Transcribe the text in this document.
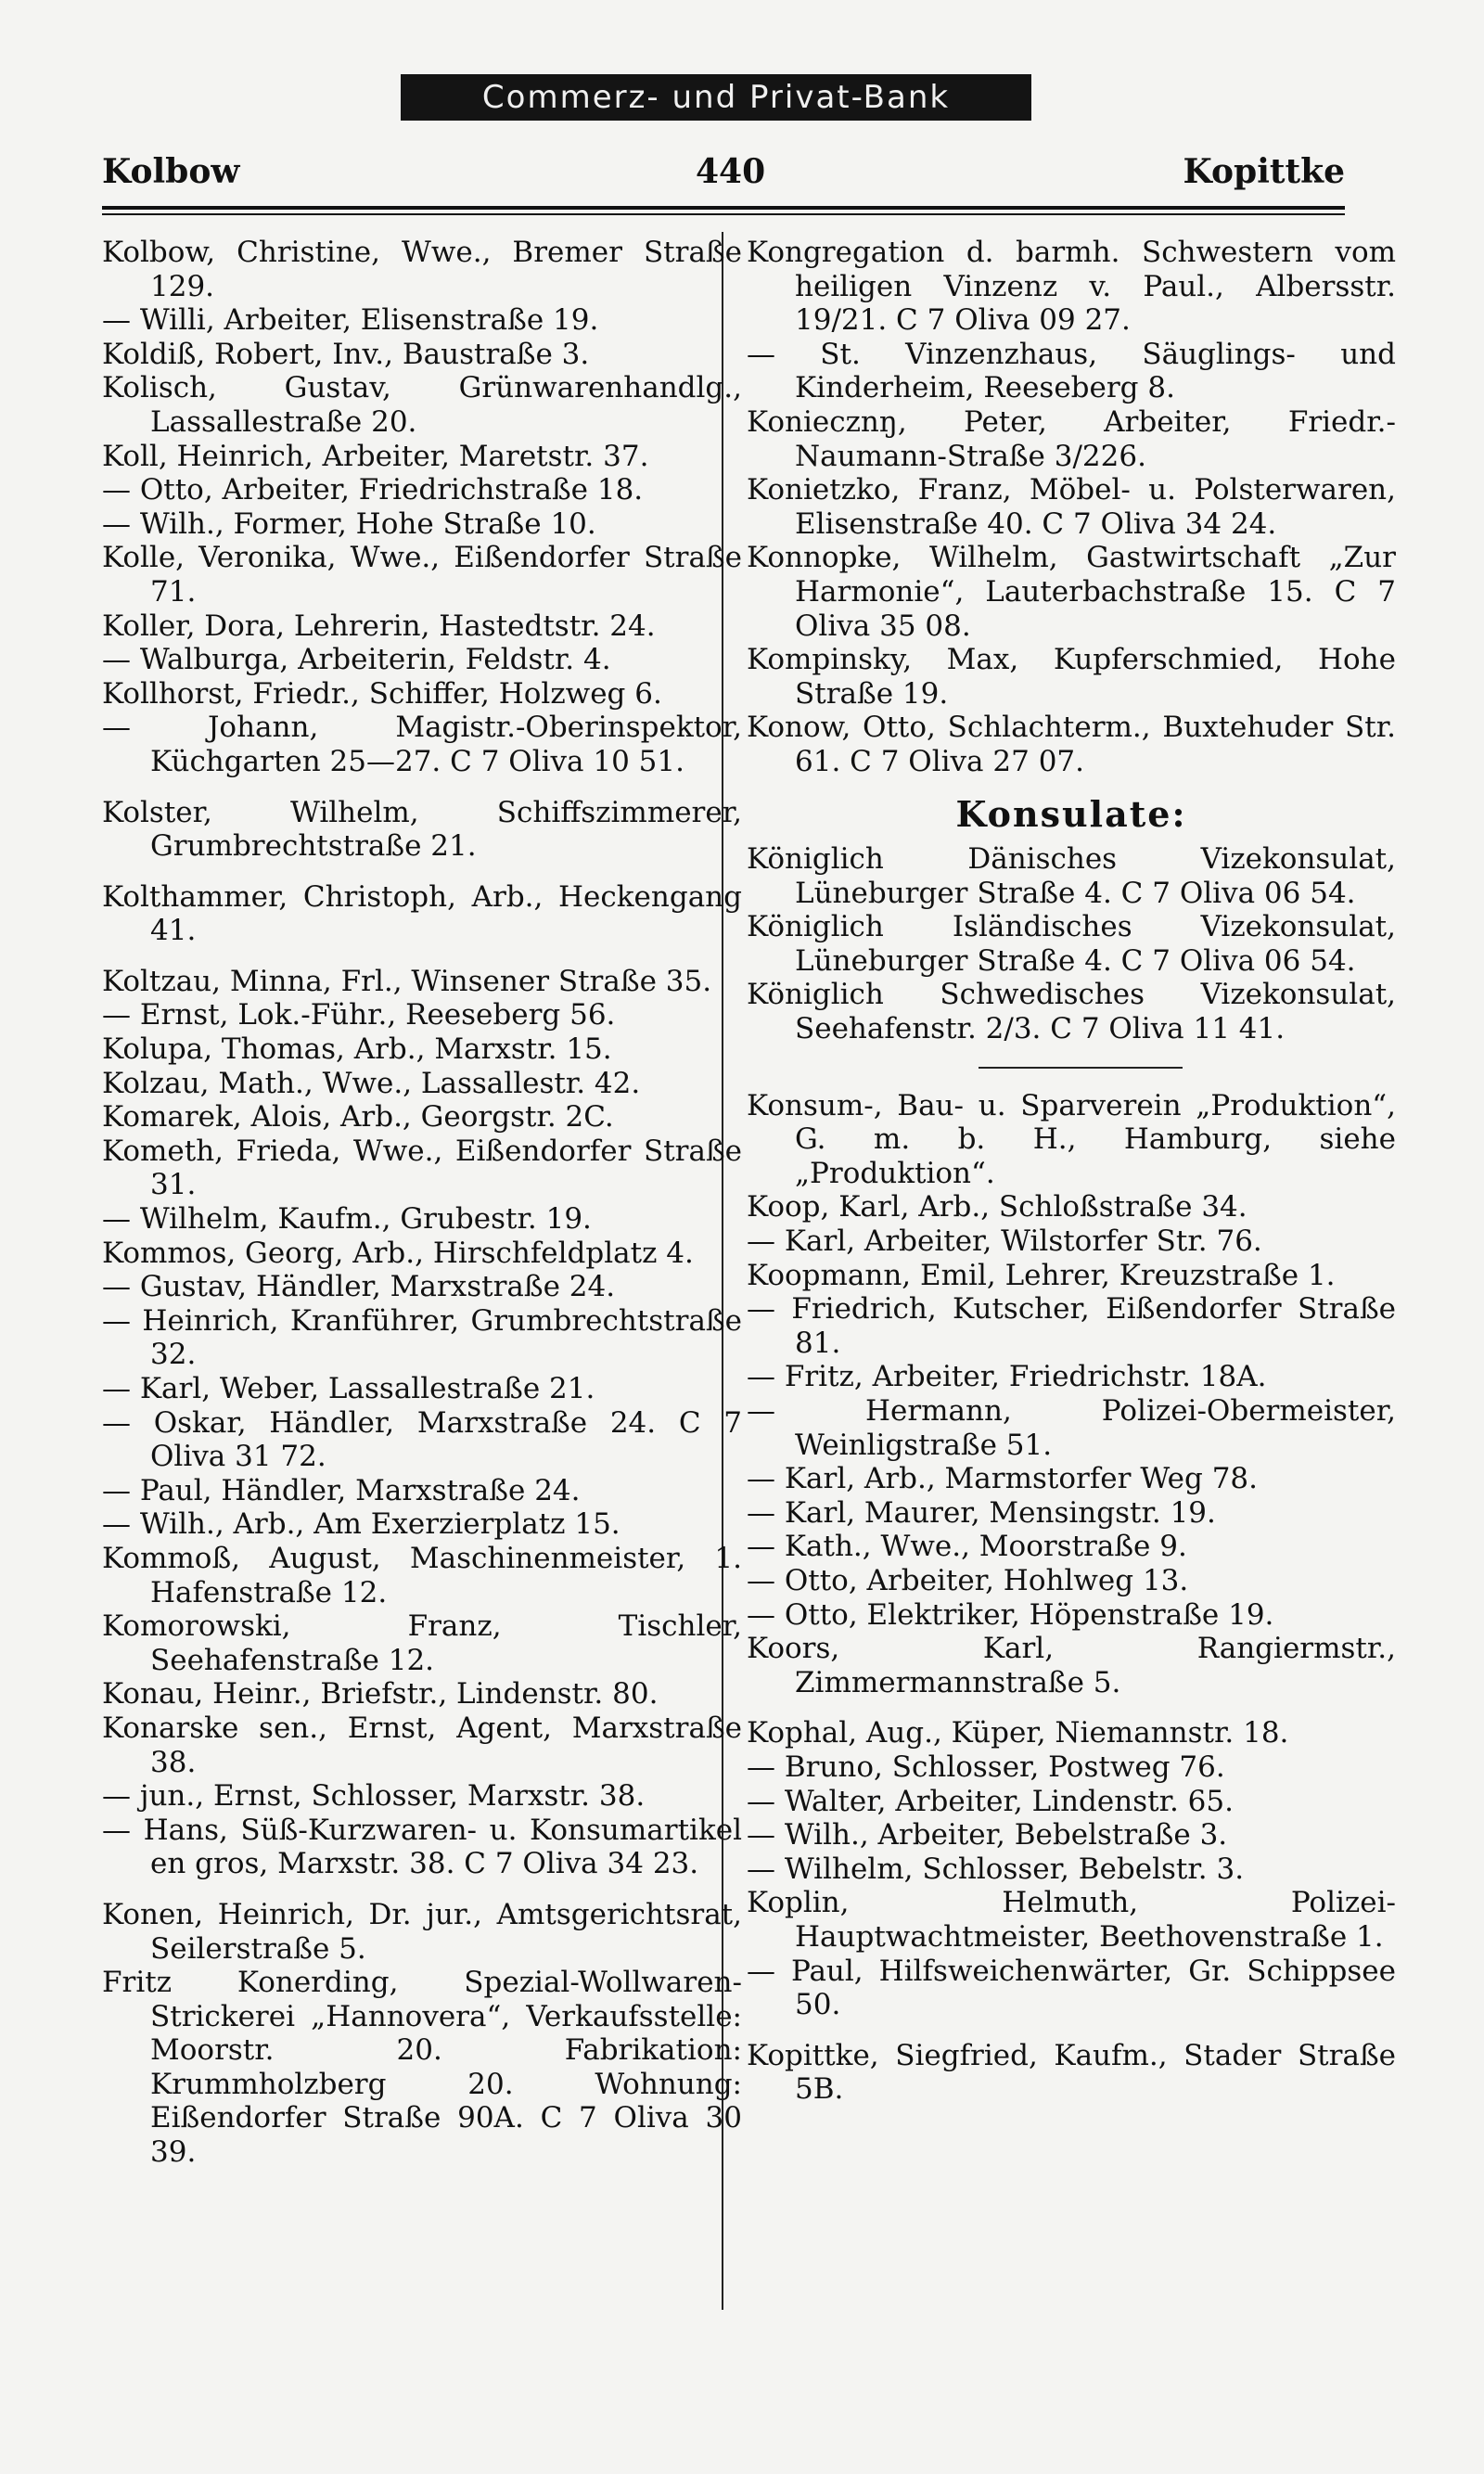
Commerz- und Privat-Bank
Kolbow	440	Kopittke

Kolbow, Christine, Wwe., Bremer Straße 129.

— Willi, Arbeiter, Elisenstraße 19.

Koldiß, Robert, Inv., Baustraße 3.

Kolisch, Gustav, Grünwarenhandlg., Lassallestraße 20.

Koll, Heinrich, Arbeiter, Maretstr. 37.

— Otto, Arbeiter, Friedrichstraße 18.

— Wilh., Former, Hohe Straße 10.

Kolle, Veronika, Wwe., Eißendorfer Straße 71.

Koller, Dora, Lehrerin, Hastedtstr. 24.

— Walburga, Arbeiterin, Feldstr. 4.

Kollhorst, Friedr., Schiffer, Holzweg 6.

— Johann, Magistr.-Oberinspektor, Küchgarten 25—27. C 7 Oliva 10 51.

Kolster, Wilhelm, Schiffszimmerer, Grumbrechtstraße 21.

Kolthammer, Christoph, Arb., Heckengang 41.

Koltzau, Minna, Frl., Winsener Straße 35.

— Ernst, Lok.-Führ., Reeseberg 56.

Kolupa, Thomas, Arb., Marxstr. 15.

Kolzau, Math., Wwe., Lassallestr. 42.

Komarek, Alois, Arb., Georgstr. 2C.

Kometh, Frieda, Wwe., Eißendorfer Straße 31.

— Wilhelm, Kaufm., Grubestr. 19.

Kommos, Georg, Arb., Hirschfeldplatz 4.

— Gustav, Händler, Marxstraße 24.

— Heinrich, Kranführer, Grumbrechtstraße 32.

— Karl, Weber, Lassallestraße 21.

— Oskar, Händler, Marxstraße 24. C 7 Oliva 31 72.

— Paul, Händler, Marxstraße 24.

— Wilh., Arb., Am Exerzierplatz 15.

Kommoß, August, Maschinenmeister, 1. Hafenstraße 12.

Komorowski, Franz, Tischler, Seehafenstraße 12.

Konau, Heinr., Briefstr., Lindenstr. 80.

Konarske sen., Ernst, Agent, Marxstraße 38.

— jun., Ernst, Schlosser, Marxstr. 38.

— Hans, Süß-Kurzwaren- u. Konsumartikel en gros, Marxstr. 38. C 7 Oliva 34 23.

Konen, Heinrich, Dr. jur., Amtsgerichtsrat, Seilerstraße 5.

Fritz Konerding, Spezial-Wollwaren-Strickerei „Hannovera“, Verkaufsstelle: Moorstr. 20. Fabrikation: Krummholzberg 20. Wohnung: Eißendorfer Straße 90A. C 7 Oliva 30 39.

Kongregation d. barmh. Schwestern vom heiligen Vinzenz v. Paul., Albersstr. 19/21. C 7 Oliva 09 27.

— St. Vinzenzhaus, Säuglings- und Kinderheim, Reeseberg 8.

Koniecznŋ, Peter, Arbeiter, Friedr.-Naumann-Straße 3/226.

Konietzko, Franz, Möbel- u. Polsterwaren, Elisenstraße 40. C 7 Oliva 34 24.

Konnopke, Wilhelm, Gastwirtschaft „Zur Harmonie“, Lauterbachstraße 15. C 7 Oliva 35 08.

Kompinsky, Max, Kupferschmied, Hohe Straße 19.

Konow, Otto, Schlachterm., Buxtehuder Str. 61. C 7 Oliva 27 07.

Konsulate:

Königlich Dänisches Vizekonsulat, Lüneburger Straße 4. C 7 Oliva 06 54.

Königlich Isländisches Vizekonsulat, Lüneburger Straße 4. C 7 Oliva 06 54.

Königlich Schwedisches Vizekonsulat, Seehafenstr. 2/3. C 7 Oliva 11 41.

Konsum-, Bau- u. Sparverein „Produktion“, G. m. b. H., Hamburg, siehe „Produktion“.

Koop, Karl, Arb., Schloßstraße 34.

— Karl, Arbeiter, Wilstorfer Str. 76.

Koopmann, Emil, Lehrer, Kreuzstraße 1.

— Friedrich, Kutscher, Eißendorfer Straße 81.

— Fritz, Arbeiter, Friedrichstr. 18A.

— Hermann, Polizei-Obermeister, Weinligstraße 51.

— Karl, Arb., Marmstorfer Weg 78.

— Karl, Maurer, Mensingstr. 19.

— Kath., Wwe., Moorstraße 9.

— Otto, Arbeiter, Hohlweg 13.

— Otto, Elektriker, Höpenstraße 19.

Koors, Karl, Rangiermstr., Zimmermannstraße 5.

Kophal, Aug., Küper, Niemannstr. 18.

— Bruno, Schlosser, Postweg 76.

— Walter, Arbeiter, Lindenstr. 65.

— Wilh., Arbeiter, Bebelstraße 3.

— Wilhelm, Schlosser, Bebelstr. 3.

Koplin, Helmuth, Polizei-Hauptwachtmeister, Beethovenstraße 1.

— Paul, Hilfsweichenwärter, Gr. Schippsee 50.

Kopittke, Siegfried, Kaufm., Stader Straße 5B.
